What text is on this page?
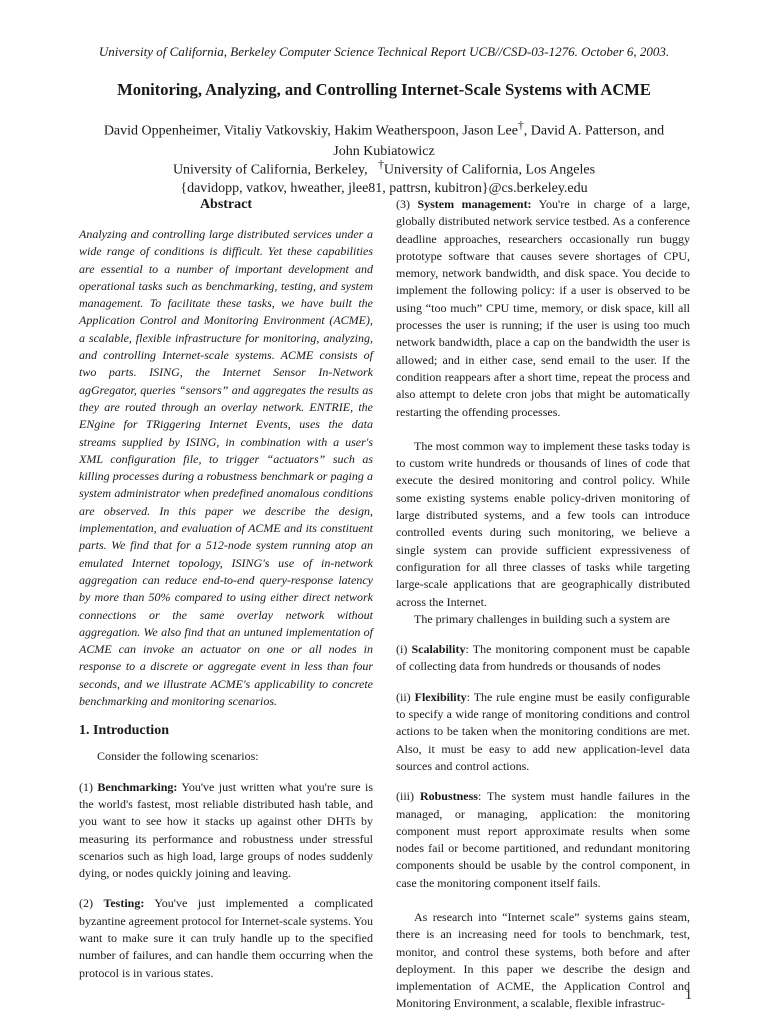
University of California, Berkeley Computer Science Technical Report UCB//CSD-03-1276. October 6, 2003.
Monitoring, Analyzing, and Controlling Internet-Scale Systems with ACME
David Oppenheimer, Vitaliy Vatkovskiy, Hakim Weatherspoon, Jason Lee†, David A. Patterson, and
John Kubiatowicz
University of California, Berkeley, †University of California, Los Angeles
{davidopp, vatkov, hweather, jlee81, pattrsn, kubitron}@cs.berkeley.edu

Abstract

Analyzing and controlling large distributed services under a wide range of conditions is difficult. Yet these capabilities are essential to a number of important development and operational tasks such as benchmarking, testing, and system management. To facilitate these tasks, we have built the Application Control and Monitoring Environment (ACME), a scalable, flexible infrastructure for monitoring, analyzing, and controlling Internet-scale systems. ACME consists of two parts. ISING, the Internet Sensor In-Network agGregator, queries “sensors” and aggregates the results as they are routed through an overlay network. ENTRIE, the ENgine for TRiggering Internet Events, uses the data streams supplied by ISING, in combination with a user's XML configuration file, to trigger “actuators” such as killing processes during a robustness benchmark or paging a system administrator when predefined anomalous conditions are observed. In this paper we describe the design, implementation, and evaluation of ACME and its constituent parts. We find that for a 512-node system running atop an emulated Internet topology, ISING's use of in-network aggregation can reduce end-to-end query-response latency by more than 50% compared to using either direct network connections or the same overlay network without aggregation. We also find that an untuned implementation of ACME can invoke an actuator on one or all nodes in response to a discrete or aggregate event in less than four seconds, and we illustrate ACME's applicability to concrete benchmarking and monitoring scenarios.

1. Introduction

Consider the following scenarios:

(1) Benchmarking: You've just written what you're sure is the world's fastest, most reliable distributed hash table, and you want to see how it stacks up against other DHTs by measuring its performance and robustness under stressful scenarios such as high load, large groups of nodes suddenly dying, or nodes quickly joining and leaving.

(2) Testing: You've just implemented a complicated byzantine agreement protocol for Internet-scale systems. You want to make sure it can truly handle up to the specified number of failures, and can handle them occurring when the protocol is in various states.

(3) System management: You're in charge of a large, globally distributed network service testbed. As a conference deadline approaches, researchers occasionally run buggy prototype software that causes severe shortages of CPU, memory, network bandwidth, and disk space. You decide to implement the following policy: if a user is observed to be using “too much” CPU time, memory, or disk space, kill all processes the user is running; if the user is using too much network bandwidth, place a cap on the bandwidth the user is allowed; and in either case, send email to the user. If the condition reappears after a short time, repeat the process and also attempt to delete cron jobs that might be automatically restarting the offending processes.

The most common way to implement these tasks today is to custom write hundreds or thousands of lines of code that execute the desired monitoring and control policy. While some existing systems enable policy-driven monitoring of large distributed systems, and a few tools can introduce controlled events during such monitoring, we believe a single system can provide sufficient expressiveness of configuration for all three classes of tasks while targeting large-scale applications that are geographically distributed across the Internet.

The primary challenges in building such a system are

(i) Scalability: The monitoring component must be capable of collecting data from hundreds or thousands of nodes

(ii) Flexibility: The rule engine must be easily configurable to specify a wide range of monitoring conditions and control actions to be taken when the monitoring conditions are met. Also, it must be easy to add new application-level data sources and control actions.

(iii) Robustness: The system must handle failures in the managed, or managing, application: the monitoring component must report approximate results when some nodes fail or become partitioned, and redundant monitoring components should be usable by the control component, in case the monitoring component itself fails.

As research into “Internet scale” systems gains steam, there is an increasing need for tools to benchmark, test, monitor, and control these systems, both before and after deployment. In this paper we describe the design and implementation of ACME, the Application Control and Monitoring Environment, a scalable, flexible infrastruc-

1
